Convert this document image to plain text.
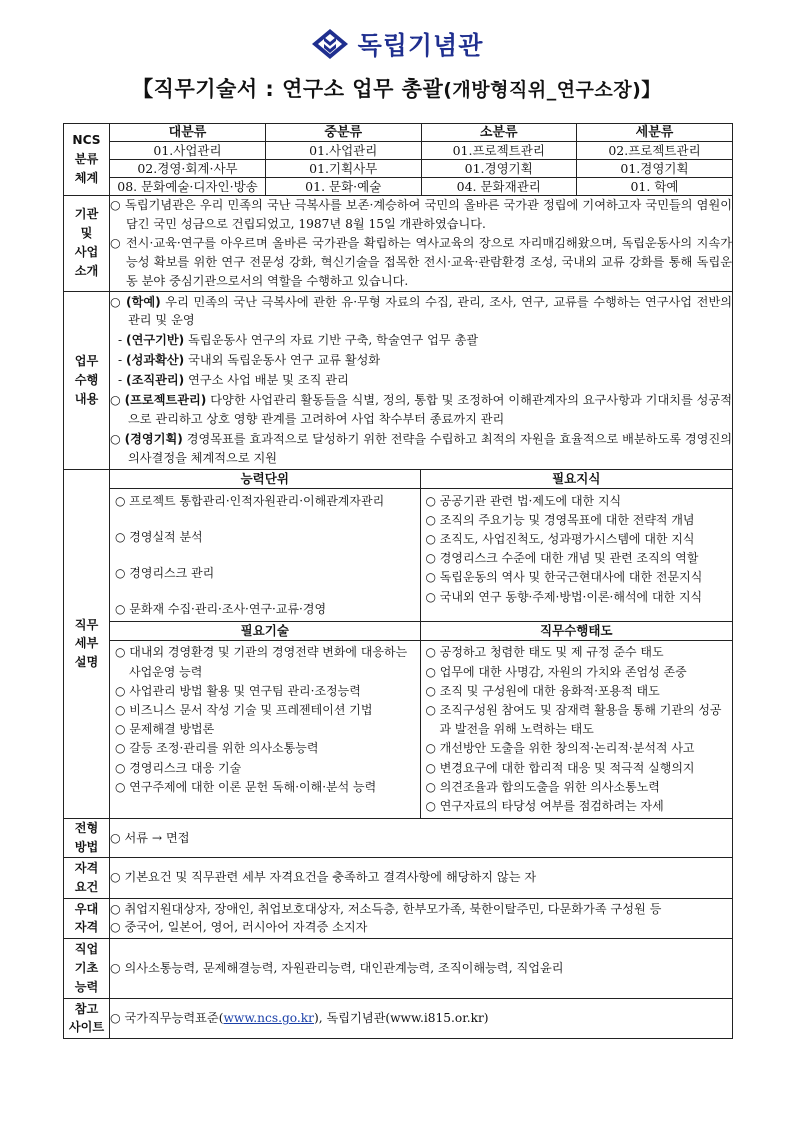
독립기념관
【직무기술서 : 연구소 업무 총괄(개방형직위_연구소장)】
NCS
분류
체계	
대분류	중분류	소분류	세분류
01.사업관리	01.사업관리	01.프로젝트관리	02.프로젝트관리
02.경영·회계·사무	01.기획사무	01.경영기획	01.경영기획
08. 문화예술·디자인·방송	01. 문화·예술	04. 문화재관리	01. 학예

기관
및
사업
소개	
○ 독립기념관은 우리 민족의 국난 극복사를 보존·계승하여 국민의 올바른 국가관 정립에 기여하고자 국민들의 염원이 담긴 국민 성금으로 건립되었고, 1987년 8월 15일 개관하였습니다.
○ 전시·교육·연구를 아우르며 올바른 국가관을 확립하는 역사교육의 장으로 자리매김해왔으며, 독립운동사의 지속가능성 확보를 위한 연구 전문성 강화, 혁신기술을 접목한 전시·교육·관람환경 조성, 국내외 교류 강화를 통해 독립운동 분야 중심기관으로서의 역할을 수행하고 있습니다.

업무
수행
내용	
○ (학예) 우리 민족의 국난 극복사에 관한 유·무형 자료의 수집, 관리, 조사, 연구, 교류를 수행하는 연구사업 전반의 관리 및 운영
- (연구기반) 독립운동사 연구의 자료 기반 구축, 학술연구 업무 총괄
- (성과확산) 국내외 독립운동사 연구 교류 활성화
- (조직관리) 연구소 사업 배분 및 조직 관리
○ (프로젝트관리) 다양한 사업관리 활동들을 식별, 정의, 통합 및 조정하여 이해관계자의 요구사항과 기대치를 성공적으로 관리하고 상호 영향 관계를 고려하여 사업 착수부터 종료까지 관리
○ (경영기획) 경영목표를 효과적으로 달성하기 위한 전략을 수립하고 최적의 자원을 효율적으로 배분하도록 경영진의 의사결정을 체계적으로 지원

직무
세부
설명	
능력단위	필요지식

○ 프로젝트 통합관리·인적자원관리·이해관계자관리
○ 경영실적 분석
○ 경영리스크 관리
○ 문화재 수집·관리·조사·연구·교류·경영

○ 공공기관 관련 법·제도에 대한 지식
○ 조직의 주요기능 및 경영목표에 대한 전략적 개념
○ 조직도, 사업진척도, 성과평가시스템에 대한 지식
○ 경영리스크 수준에 대한 개념 및 관련 조직의 역할
○ 독립운동의 역사 및 한국근현대사에 대한 전문지식
○ 국내외 연구 동향·주제·방법·이론·해석에 대한 지식

필요기술	직무수행태도

○ 대내외 경영환경 및 기관의 경영전략 변화에 대응하는 사업운영 능력
○ 사업관리 방법 활용 및 연구팀 관리·조정능력
○ 비즈니스 문서 작성 기술 및 프레젠테이션 기법
○ 문제해결 방법론
○ 갈등 조정·관리를 위한 의사소통능력
○ 경영리스크 대응 기술
○ 연구주제에 대한 이론 문헌 독해·이해·분석 능력

○ 공정하고 청렴한 태도 및 제 규정 준수 태도
○ 업무에 대한 사명감, 자원의 가치와 존엄성 존중
○ 조직 및 구성원에 대한 융화적·포용적 태도
○ 조직구성원 참여도 및 잠재력 활용을 통해 기관의 성공과 발전을 위해 노력하는 태도
○ 개선방안 도출을 위한 창의적·논리적·분석적 사고
○ 변경요구에 대한 합리적 대응 및 적극적 실행의지
○ 의견조율과 합의도출을 위한 의사소통노력
○ 연구자료의 타당성 여부를 점검하려는 자세

전형
방법	○ 서류 → 면접
자격
요건	○ 기본요건 및 직무관련 세부 자격요건을 충족하고 결격사항에 해당하지 않는 자
우대
자격	
○ 취업지원대상자, 장애인, 취업보호대상자, 저소득층, 한부모가족, 북한이탈주민, 다문화가족 구성원 등
○ 중국어, 일본어, 영어, 러시아어 자격증 소지자

직업
기초
능력	○ 의사소통능력, 문제해결능력, 자원관리능력, 대인관계능력, 조직이해능력, 직업윤리
참고
사이트	○ 국가직무능력표준(www.ncs.go.kr), 독립기념관(www.i815.or.kr)
